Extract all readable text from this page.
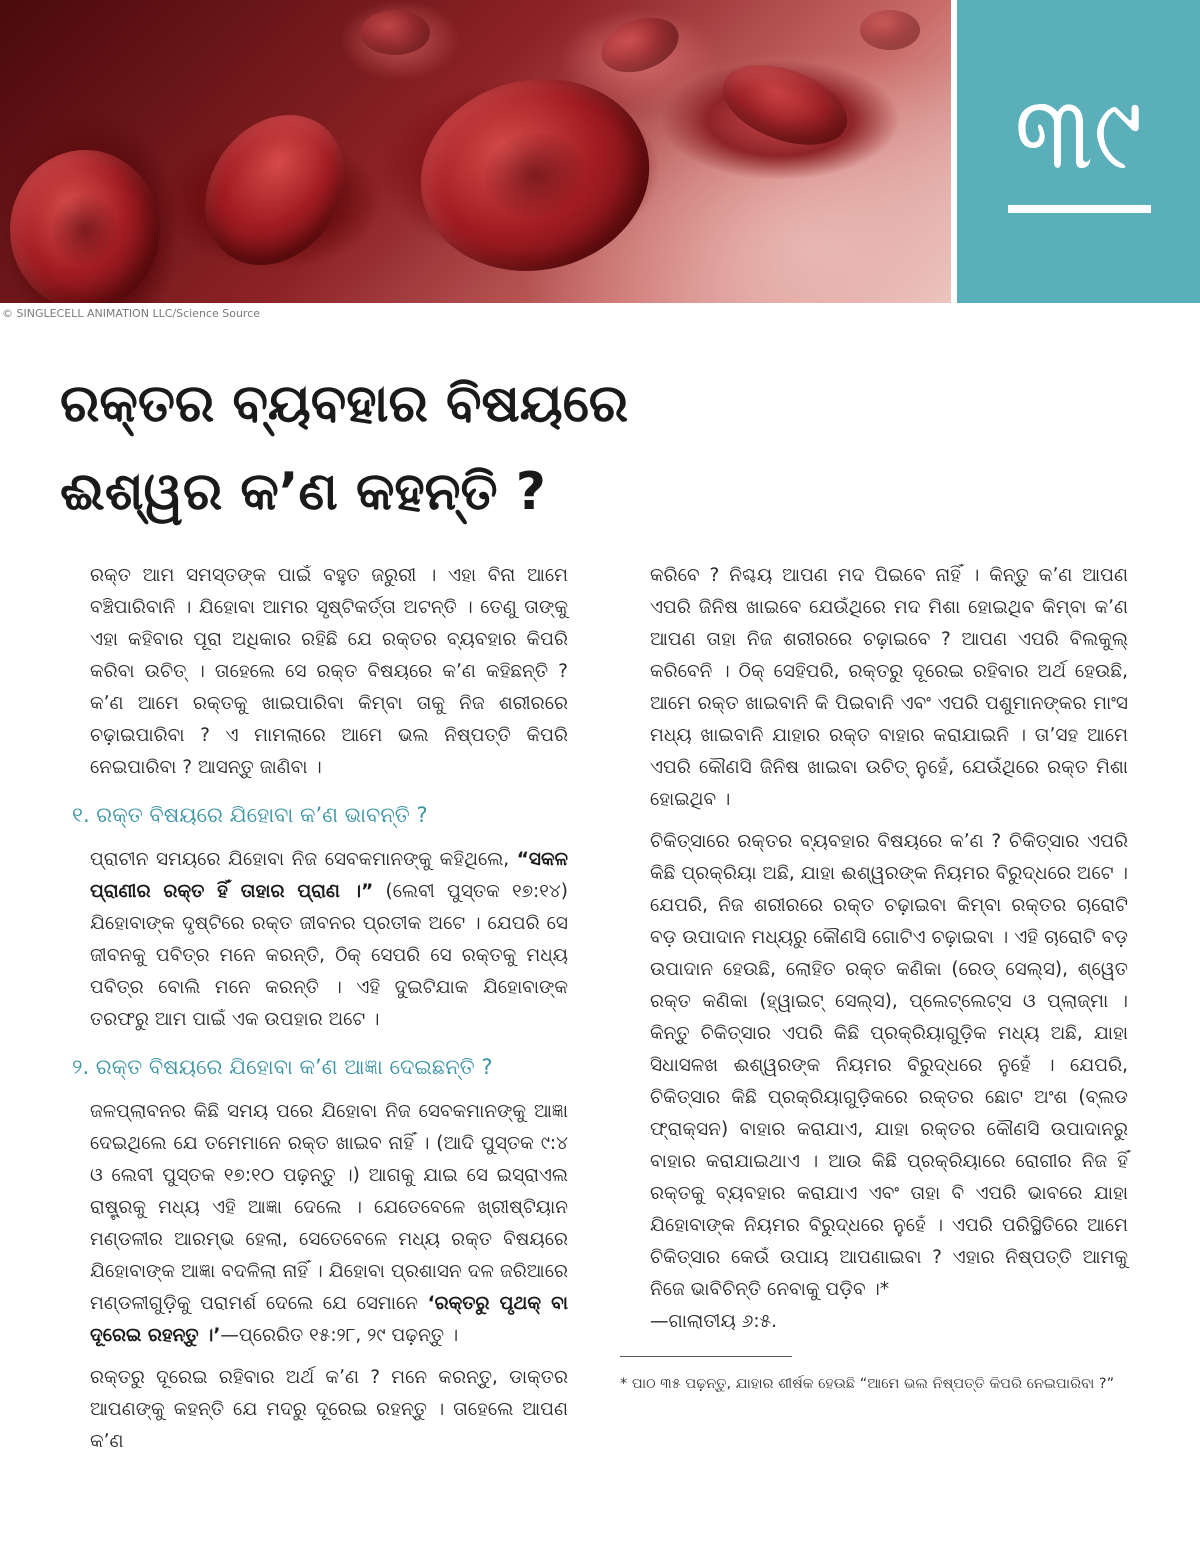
୩୯
© SINGLECELL ANIMATION LLC/Science Source
ରକ୍ତର ବ୍ୟବହାର ବିଷୟରେ
ଈଶ୍ୱର କʼଣ କହନ୍ତି ?

ରକ୍ତ ଆମ ସମସ୍ତଙ୍କ ପାଇଁ ବହୁତ ଜରୁରୀ । ଏହା ବିନା ଆମେ ବଞ୍ଚିପାରିବାନି । ଯିହୋବା ଆମର ସୃଷ୍ଟିକର୍ତ୍ତା ଅଟନ୍ତି । ତେଣୁ ତାଙ୍କୁ ଏହା କହିବାର ପୂରା ଅଧିକାର ରହିଛି ଯେ ରକ୍ତର ବ୍ୟବହାର କିପରି କରିବା ଉଚିତ୍‌ । ତାହେଲେ ସେ ରକ୍ତ ବିଷୟରେ କʼଣ କହିଛନ୍ତି ? କʼଣ ଆମେ ରକ୍ତକୁ ଖାଇପାରିବା କିମ୍ବା ତାକୁ ନିଜ ଶରୀରରେ ଚଢ଼ାଇପାରିବା ? ଏ ମାମଲାରେ ଆମେ ଭଲ ନିଷ୍ପତ୍ତି କିପରି ନେଇପାରିବା ? ଆସନ୍ତୁ ଜାଣିବା ।

୧. ରକ୍ତ ବିଷୟରେ ଯିହୋବା କʼଣ ଭାବନ୍ତି ?

ପ୍ରାଚୀନ ସମୟରେ ଯିହୋବା ନିଜ ସେବକମାନଙ୍କୁ କହିଥିଲେ, “ସକଳ ପ୍ରାଣୀର ରକ୍ତ ହିଁ ତାହାର ପ୍ରାଣ ।” (ଲେବୀ ପୁସ୍ତକ ୧୭:୧୪) ଯିହୋବାଙ୍କ ଦୃଷ୍ଟିରେ ରକ୍ତ ଜୀବନର ପ୍ରତୀକ ଅଟେ । ଯେପରି ସେ ଜୀବନକୁ ପବିତ୍ର ମନେ କରନ୍ତି, ଠିକ୍‌ ସେପରି ସେ ରକ୍ତକୁ ମଧ୍ୟ ପବିତ୍ର ବୋଲି ମନେ କରନ୍ତି । ଏହି ଦୁଇଟିଯାକ ଯିହୋବାଙ୍କ ତରଫରୁ ଆମ ପାଇଁ ଏକ ଉପହାର ଅଟେ ।

୨. ରକ୍ତ ବିଷୟରେ ଯିହୋବା କʼଣ ଆଜ୍ଞା ଦେଇଛନ୍ତି ?

ଜଳପ୍ଲାବନର କିଛି ସମୟ ପରେ ଯିହୋବା ନିଜ ସେବକମାନଙ୍କୁ ଆଜ୍ଞା ଦେଇଥିଲେ ଯେ ତମେମାନେ ରକ୍ତ ଖାଇବ ନାହିଁ । (ଆଦି ପୁସ୍ତକ ୯:୪ ଓ ଲେବୀ ପୁସ୍ତକ ୧୭:୧୦ ପଢ଼ନ୍ତୁ ।) ଆଗକୁ ଯାଇ ସେ ଇସ୍ରାଏଲ ରାଷ୍ଟ୍ରକୁ ମଧ୍ୟ ଏହି ଆଜ୍ଞା ଦେଲେ । ଯେତେବେଳେ ଖ୍ରୀଷ୍ଟିୟାନ ମଣ୍ଡଳୀର ଆରମ୍ଭ ହେଲା, ସେତେବେଳେ ମଧ୍ୟ ରକ୍ତ ବିଷୟରେ ଯିହୋବାଙ୍କ ଆଜ୍ଞା ବଦଳିଲା ନାହିଁ । ଯିହୋବା ପ୍ରଶାସନ ଦଳ ଜରିଆରେ ମଣ୍ଡଳୀଗୁଡ଼ିକୁ ପରାମର୍ଶ ଦେଲେ ଯେ ସେମାନେ ‘ରକ୍ତରୁ ପୃଥକ୍‌ ବା ଦୂରେଇ ରହନ୍ତୁ ।’—ପ୍ରେରିତ ୧୫:୨୮, ୨୯ ପଢ଼ନ୍ତୁ ।

ରକ୍ତରୁ ଦୂରେଇ ରହିବାର ଅର୍ଥ କʼଣ ? ମନେ କରନ୍ତୁ, ଡାକ୍ତର ଆପଣଙ୍କୁ କହନ୍ତି ଯେ ମଦରୁ ଦୂରେଇ ରହନ୍ତୁ । ତାହେଲେ ଆପଣ କʼଣ

କରିବେ ? ନିଶ୍ଚୟ ଆପଣ ମଦ ପିଇବେ ନାହିଁ । କିନ୍ତୁ କʼଣ ଆପଣ ଏପରି ଜିନିଷ ଖାଇବେ ଯେଉଁଥିରେ ମଦ ମିଶା ହୋଇଥିବ କିମ୍ବା କʼଣ ଆପଣ ତାହା ନିଜ ଶରୀରରେ ଚଢ଼ାଇବେ ? ଆପଣ ଏପରି ବିଲକୁଲ୍‌ କରିବେନି । ଠିକ୍‌ ସେହିପରି, ରକ୍ତରୁ ଦୂରେଇ ରହିବାର ଅର୍ଥ ହେଉଛି, ଆମେ ରକ୍ତ ଖାଇବାନି କି ପିଇବାନି ଏବଂ ଏପରି ପଶୁମାନଙ୍କର ମାଂସ ମଧ୍ୟ ଖାଇବାନି ଯାହାର ରକ୍ତ ବାହାର କରାଯାଇନି । ତାʼସହ ଆମେ ଏପରି କୌଣସି ଜିନିଷ ଖାଇବା ଉଚିତ୍‌ ନୁହେଁ, ଯେଉଁଥିରେ ରକ୍ତ ମିଶା ହୋଇଥିବ ।

ଚିକିତ୍ସାରେ ରକ୍ତର ବ୍ୟବହାର ବିଷୟରେ କʼଣ ? ଚିକିତ୍ସାର ଏପରି କିଛି ପ୍ରକ୍ରିୟା ଅଛି, ଯାହା ଈଶ୍ୱରଙ୍କ ନିୟମର ବିରୁଦ୍ଧରେ ଅଟେ । ଯେପରି, ନିଜ ଶରୀରରେ ରକ୍ତ ଚଢ଼ାଇବା କିମ୍ବା ରକ୍ତର ଚାରୋଟି ବଡ଼ ଉପାଦାନ ମଧ୍ୟରୁ କୌଣସି ଗୋଟିଏ ଚଢ଼ାଇବା । ଏହି ଚାରୋଟି ବଡ଼ ଉପାଦାନ ହେଉଛି, ଲୋହିତ ରକ୍ତ କଣିକା (ରେଡ୍‌ ସେଲ୍‌ସ), ଶ୍ୱେତ ରକ୍ତ କଣିକା (ହ୍ୱାଇଟ୍‌ ସେଲ୍‌ସ), ପ୍ଲେଟ୍‌ଲେଟ୍‌ସ ଓ ପ୍ଲାଜ୍‌ମା । କିନ୍ତୁ ଚିକିତ୍ସାର ଏପରି କିଛି ପ୍ରକ୍ରିୟାଗୁଡ଼ିକ ମଧ୍ୟ ଅଛି, ଯାହା ସିଧାସଳଖ ଈଶ୍ୱରଙ୍କ ନିୟମର ବିରୁଦ୍ଧରେ ନୁହେଁ । ଯେପରି, ଚିକିତ୍ସାର କିଛି ପ୍ରକ୍ରିୟାଗୁଡ଼ିକରେ ରକ୍ତର ଛୋଟ ଅଂଶ (ବ୍ଲଡ ଫ୍ରାକ୍ସନ) ବାହାର କରାଯାଏ, ଯାହା ରକ୍ତର କୌଣସି ଉପାଦାନରୁ ବାହାର କରାଯାଇଥାଏ । ଆଉ କିଛି ପ୍ରକ୍ରିୟାରେ ରୋଗୀର ନିଜ ହିଁ ରକ୍ତକୁ ବ୍ୟବହାର କରାଯାଏ ଏବଂ ତାହା ବି ଏପରି ଭାବରେ ଯାହା ଯିହୋବାଙ୍କ ନିୟମର ବିରୁଦ୍ଧରେ ନୁହେଁ । ଏପରି ପରିସ୍ଥିତିରେ ଆମେ ଚିକିତ୍ସାର କେଉଁ ଉପାୟ ଆପଣାଇବା ? ଏହାର ନିଷ୍ପତ୍ତି ଆମକୁ ନିଜେ ଭାବିଚିନ୍ତି ନେବାକୁ ପଡ଼ିବ ।*
—ଗାଲାତୀୟ ୬:୫.

* ପାଠ ୩୫ ପଢ଼ନ୍ତୁ, ଯାହାର ଶୀର୍ଷକ ହେଉଛି “ଆମେ ଭଲ ନିଷ୍ପତ୍ତି କିପରି ନେଇପାରିବା ?”
